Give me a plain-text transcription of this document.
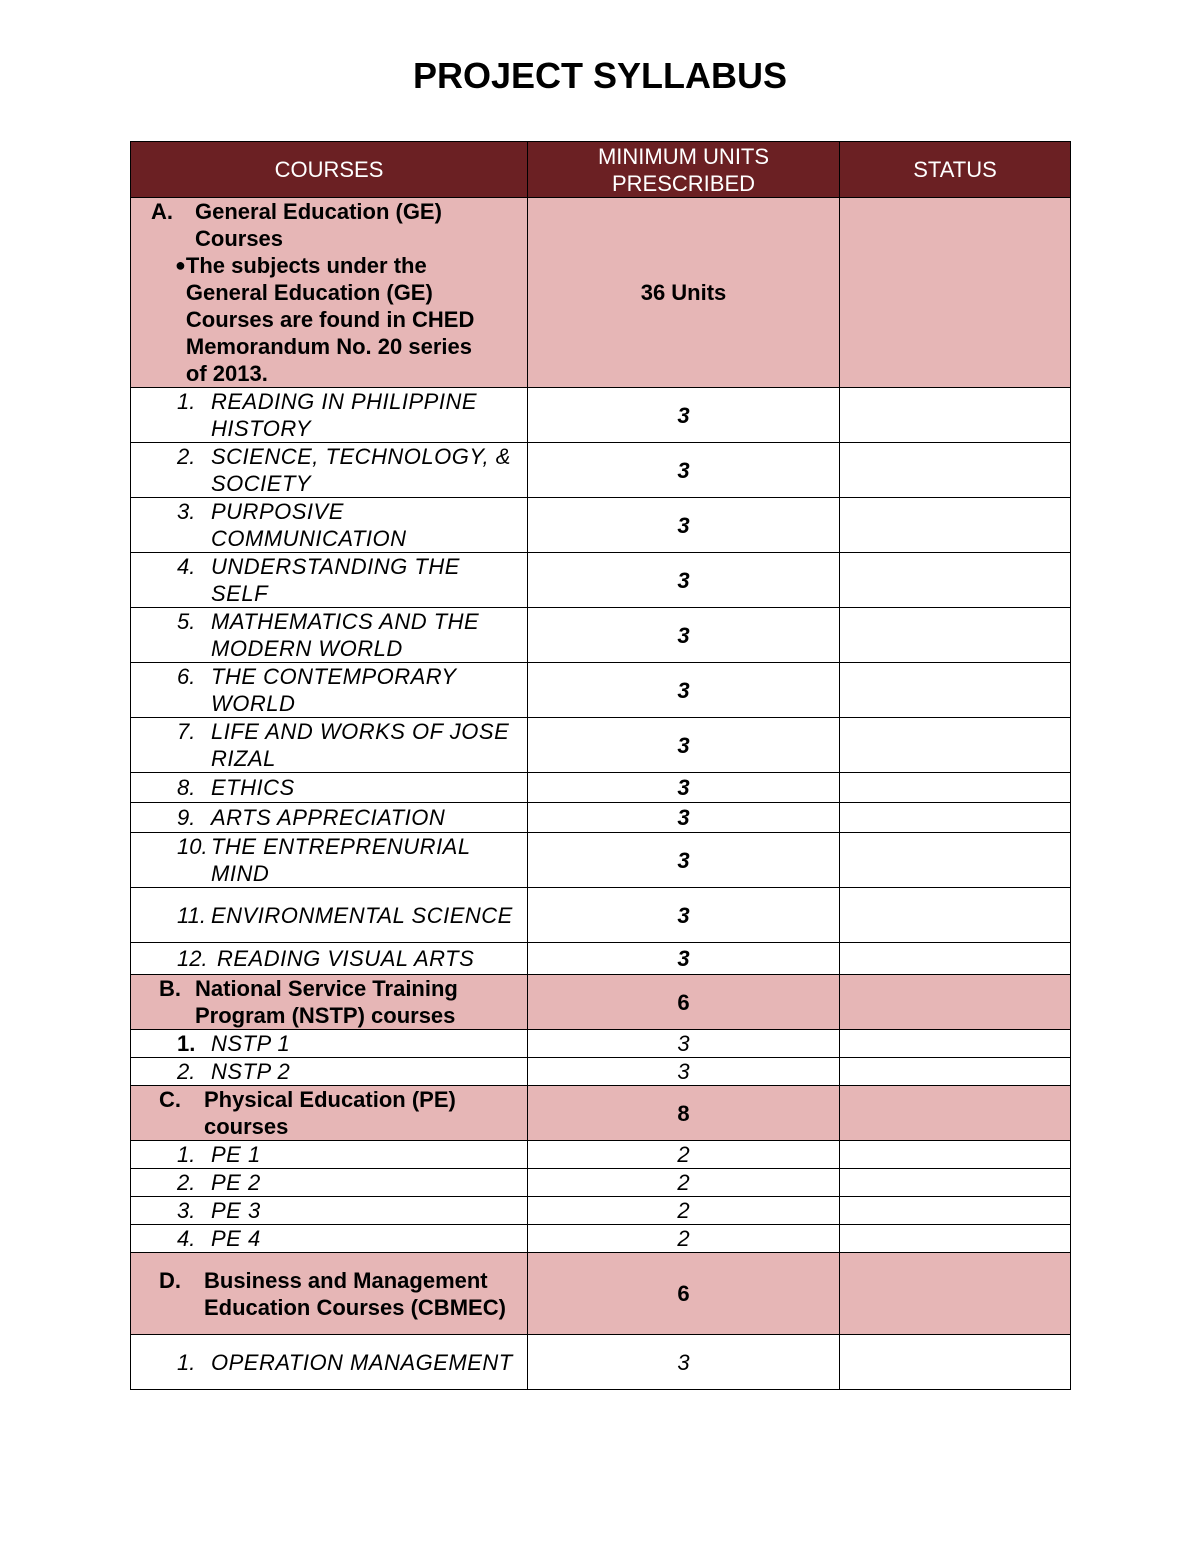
PROJECT SYLLABUS
COURSES	MINIMUM UNITS PRESCRIBED	STATUS

A. General Education (GE) Courses
● The subjects under the General Education (GE) Courses are found in CHED Memorandum No. 20 series of 2013.	36 Units	

1. READING IN PHILIPPINE HISTORY	3	

2. SCIENCE, TECHNOLOGY, & SOCIETY	3	

3. PURPOSIVE COMMUNICATION	3	

4. UNDERSTANDING THE SELF	3	

5. MATHEMATICS AND THE MODERN WORLD	3	

6. THE CONTEMPORARY WORLD	3	

7. LIFE AND WORKS OF JOSE RIZAL	3	

8. ETHICS	3	

9. ARTS APPRECIATION	3	

10. THE ENTREPRENURIAL MIND	3	

11. ENVIRONMENTAL SCIENCE	3	

12. READING VISUAL ARTS	3	

B. National Service Training Program (NSTP) courses	6	

1. NSTP 1	3	

2. NSTP 2	3	

C. Physical Education (PE) courses	8	

1. PE 1	2	

2. PE 2	2	

3. PE 3	2	

4. PE 4	2	

D. Business and Management Education Courses (CBMEC)	6	

1. OPERATION MANAGEMENT	3	
